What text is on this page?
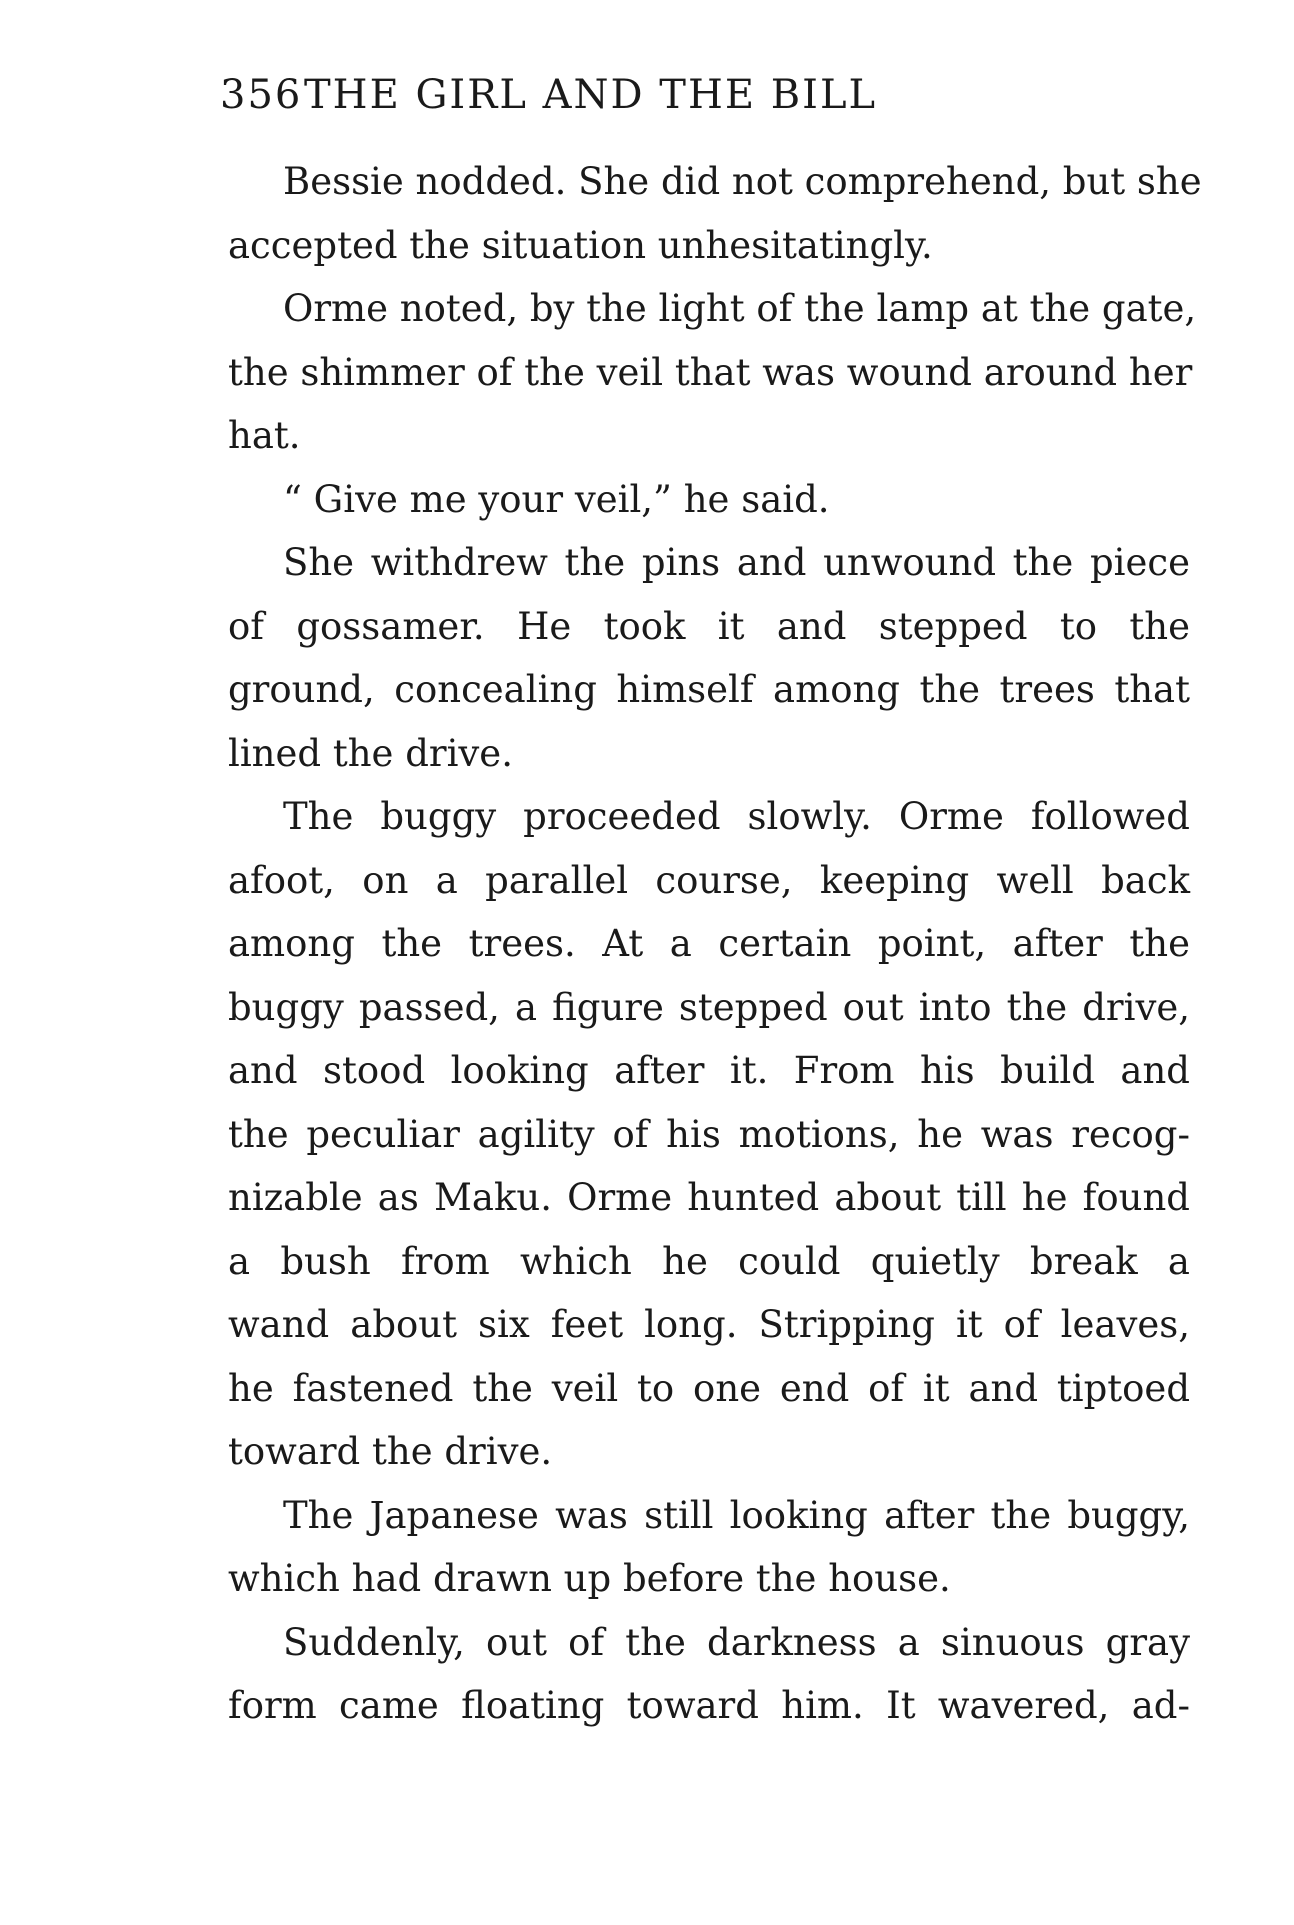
356 THE GIRL AND THE BILL
Bessie nodded. She did not comprehend, but she
accepted the situation unhesitatingly.
Orme noted, by the light of the lamp at the gate,
the shimmer of the veil that was wound around her
hat.
“ Give me your veil,” he said.
She withdrew the pins and unwound the piece
of gossamer. He took it and stepped to the
ground, concealing himself among the trees that
lined the drive.
The buggy proceeded slowly. Orme followed
afoot, on a parallel course, keeping well back
among the trees. At a certain point, after the
buggy passed, a figure stepped out into the drive,
and stood looking after it. From his build and
the peculiar agility of his motions, he was recog-
nizable as Maku. Orme hunted about till he found
a bush from which he could quietly break a
wand about six feet long. Stripping it of leaves,
he fastened the veil to one end of it and tiptoed
toward the drive.
The Japanese was still looking after the buggy,
which had drawn up before the house.
Suddenly, out of the darkness a sinuous gray
form came floating toward him. It wavered, ad-
